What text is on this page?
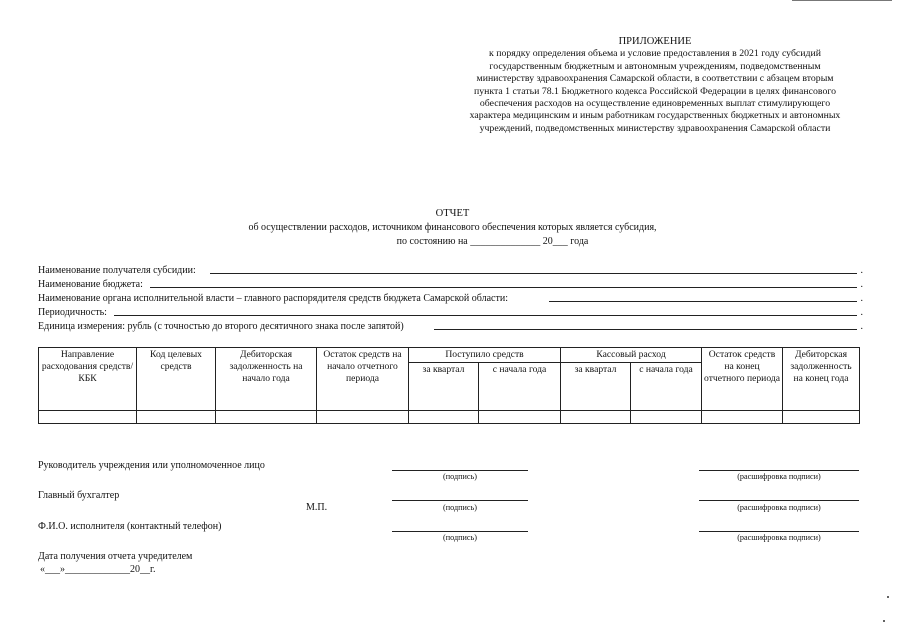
ПРИЛОЖЕНИЕ
к порядку определения объема и условие предоставления в 2021 году субсидий
государственным бюджетным и автономным учреждениям, подведомственным
министерству здравоохранения Самарской области, в соответствии с абзацем вторым
пункта 1 статьи 78.1 Бюджетного кодекса Российской Федерации в целях финансового
обеспечения расходов на осуществление единовременных выплат стимулирующего
характера медицинским и иным работникам государственных бюджетных и автономных
учреждений, подведомственных министерству здравоохранения Самарской области
ОТЧЕТ
об осуществлении расходов, источником финансового обеспечения которых является субсидия,
по состоянию на ______________ 20___ года
Наименование получателя субсидии:	.
Наименование бюджета:	.
Наименование органа исполнительной власти – главного распорядителя средств бюджета Самарской области:	.
Периодичность:	.
Единица измерения: рубль (с точностью до второго десятичного знака после запятой)	.
Направление расходования средств/КБК	Код целевых средств	Дебиторская задолженность на начало года	Остаток средств на начало отчетного периода	Поступило средств		Кассовый расход		Остаток средств на конец отчетного периода	Дебиторская задолженность на конец года
				за квартал	с начала года	за квартал	с начала года		

Руководитель учреждения или уполномоченное лицо
(подпись)	(расшифровка подписи)
Главный бухгалтер
М.П.	(подпись)	(расшифровка подписи)
Ф.И.О. исполнителя (контактный телефон)
(подпись)	(расшифровка подписи)
Дата получения отчета учредителем
«___»_____________20__г.
